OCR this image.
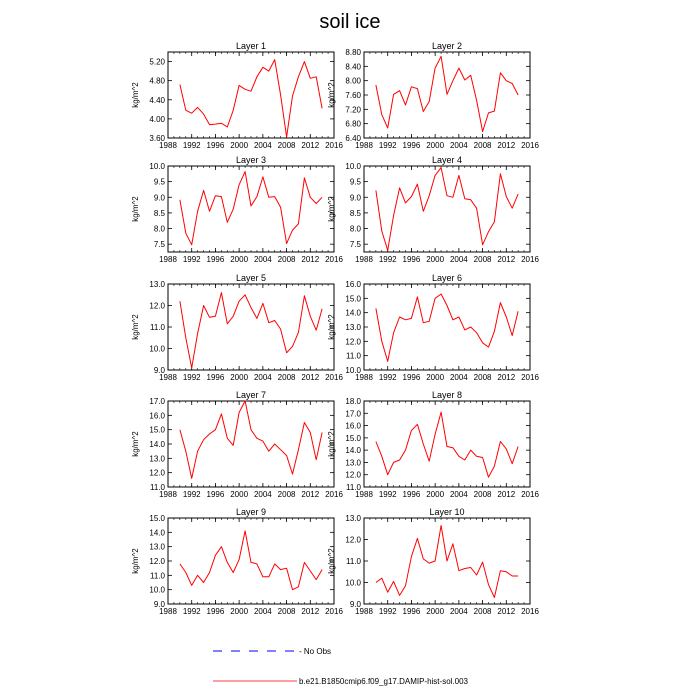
soil ice
Layer 1
1988 1992 1996 2000 2004 2008 2012 2016
3.60
4.00
4.40
4.80
5.20
kg/m^2
Layer 2
1988 1992 1996 2000 2004 2008 2012 2016
6.40
6.80
7.20
7.60
8.00
8.40
8.80
kg/m^2
Layer 3
1988 1992 1996 2000 2004 2008 2012 2016
7.5
8.0
8.5
9.0
9.5
10.0
kg/m^2
Layer 4
1988 1992 1996 2000 2004 2008 2012 2016
7.5
8.0
8.5
9.0
9.5
10.0
kg/m^2
Layer 5
1988 1992 1996 2000 2004 2008 2012 2016
9.0
10.0
11.0
12.0
13.0
kg/m^2
Layer 6
1988 1992 1996 2000 2004 2008 2012 2016
10.0
11.0
12.0
13.0
14.0
15.0
16.0
kg/m^2
Layer 7
1988 1992 1996 2000 2004 2008 2012 2016
11.0
12.0
13.0
14.0
15.0
16.0
17.0
kg/m^2
Layer 8
1988 1992 1996 2000 2004 2008 2012 2016
11.0
12.0
13.0
14.0
15.0
16.0
17.0
18.0
kg/m^2
Layer 9
1988 1992 1996 2000 2004 2008 2012 2016
9.0
10.0
11.0
12.0
13.0
14.0
15.0
kg/m^2
Layer 10
1988 1992 1996 2000 2004 2008 2012 2016
9.0
10.0
11.0
12.0
13.0
kg/m^2
- No Obs
b.e21.B1850cmip6.f09_g17.DAMIP-hist-sol.003
